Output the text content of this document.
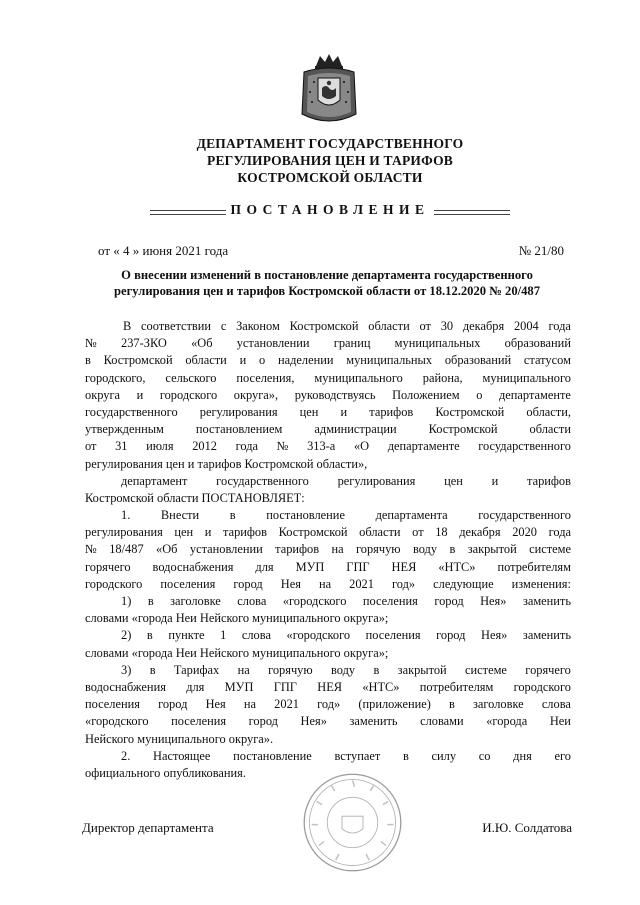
ДЕПАРТАМЕНТ ГОСУДАРСТВЕННОГО
РЕГУЛИРОВАНИЯ ЦЕН И ТАРИФОВ
КОСТРОМСКОЙ ОБЛАСТИ
ПОСТАНОВЛЕНИЕ
от « 4 » июня 2021 года	№ 21/80
О внесении изменений в постановление департамента государственного
регулирования цен и тарифов Костромской области от 18.12.2020 № 20/487
В соответствии с Законом Костромской области от 30 декабря 2004 года
№ 237-ЗКО «Об установлении границ муниципальных образований
в Костромской области и о наделении муниципальных образований статусом
городского, сельского поселения, муниципального района, муниципального
округа и городского округа», руководствуясь Положением о департаменте
государственного регулирования цен и тарифов Костромской области,
утвержденным	постановлением	администрации	Костромской	области
от 31 июля 2012 года № 313-а «О департаменте государственного
регулирования цен и тарифов Костромской области»,
департамент государственного регулирования цен и тарифов
Костромской области ПОСТАНОВЛЯЕТ:
1. Внести в постановление департамента государственного
регулирования цен и тарифов Костромской области от 18 декабря 2020 года
№ 18/487 «Об установлении тарифов на горячую воду в закрытой системе
горячего водоснабжения для МУП ГПГ НЕЯ «НТС» потребителям
городского поселения город Нея на 2021 год» следующие изменения:
1) в заголовке слова «городского поселения город Нея» заменить
словами «города Неи Нейского муниципального округа»;
2) в пункте 1 слова «городского поселения город Нея» заменить
словами «города Неи Нейского муниципального округа»;
3) в Тарифах на горячую воду в закрытой системе горячего
водоснабжения для МУП ГПГ НЕЯ «НТС» потребителям городского
поселения город Нея на 2021 год» (приложение) в заголовке слова
«городского поселения город Нея» заменить словами «города Неи
Нейского муниципального округа».
2. Настоящее постановление вступает в силу со дня его
официального опубликования.
Директор департамента	И.Ю. Солдатова
